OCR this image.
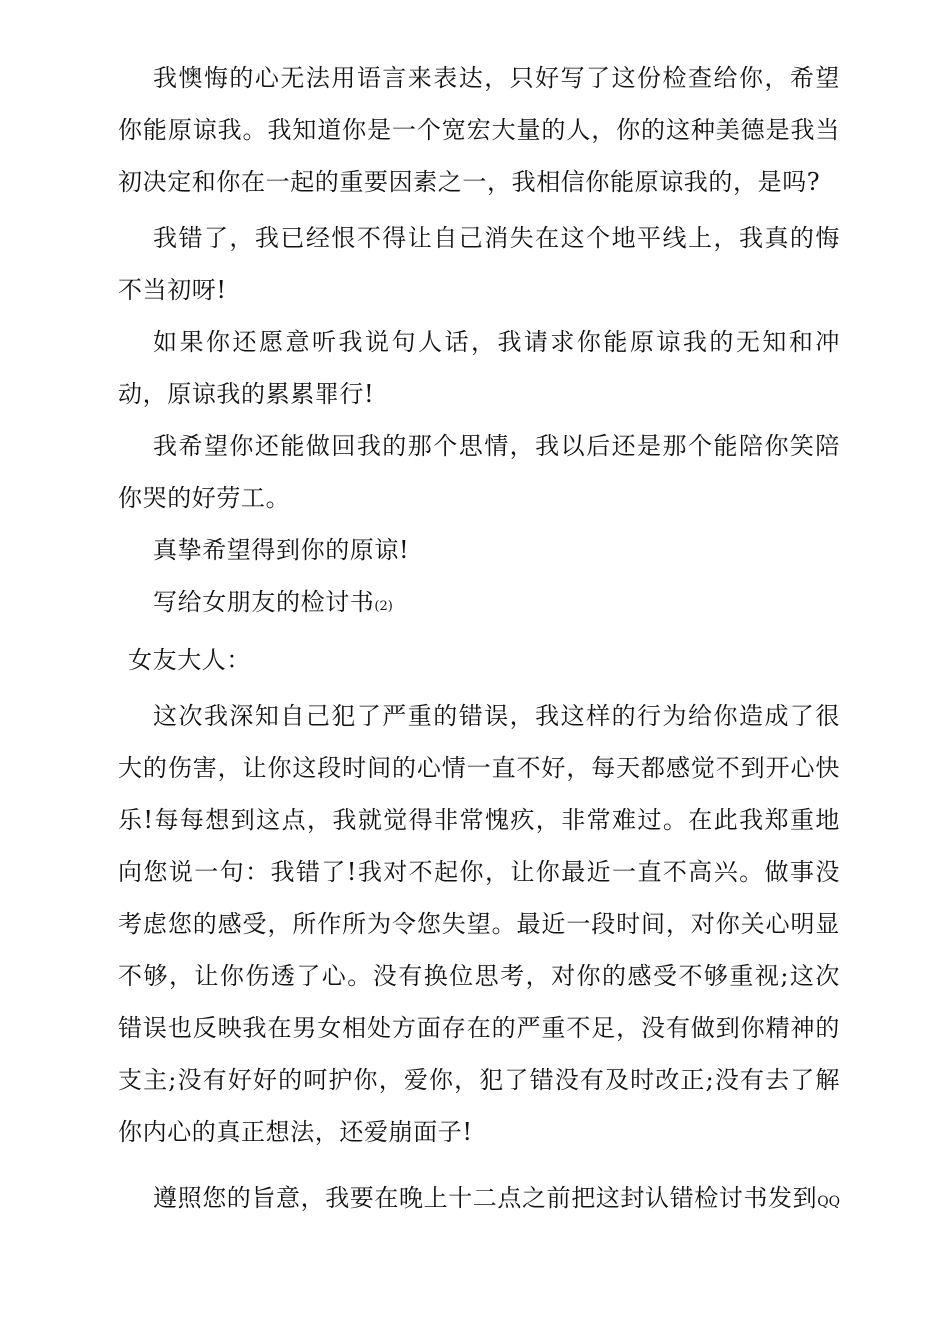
我懊悔的心无法用语言来表达，只好写了这份检查给你，希望你能原谅我。我知道你是一个宽宏大量的人，你的这种美德是我当初决定和你在一起的重要因素之一，我相信你能原谅我的，是吗?

我错了，我已经恨不得让自己消失在这个地平线上，我真的悔不当初呀!

如果你还愿意听我说句人话，我请求你能原谅我的无知和冲动，原谅我的累累罪行!

我希望你还能做回我的那个思情，我以后还是那个能陪你笑陪你哭的好劳工。

真挚希望得到你的原谅!

写给女朋友的检讨书(2)

女友大人：

这次我深知自己犯了严重的错误，我这样的行为给你造成了很大的伤害，让你这段时间的心情一直不好，每天都感觉不到开心快乐!每每想到这点，我就觉得非常愧疚，非常难过。在此我郑重地向您说一句：我错了!我对不起你，让你最近一直不高兴。做事没考虑您的感受，所作所为令您失望。最近一段时间，对你关心明显不够，让你伤透了心。没有换位思考，对你的感受不够重视;这次错误也反映我在男女相处方面存在的严重不足，没有做到你精神的支主;没有好好的呵护你，爱你，犯了错没有及时改正;没有去了解你内心的真正想法，还爱崩面子!

遵照您的旨意，我要在晚上十二点之前把这封认错检讨书发到QQ
